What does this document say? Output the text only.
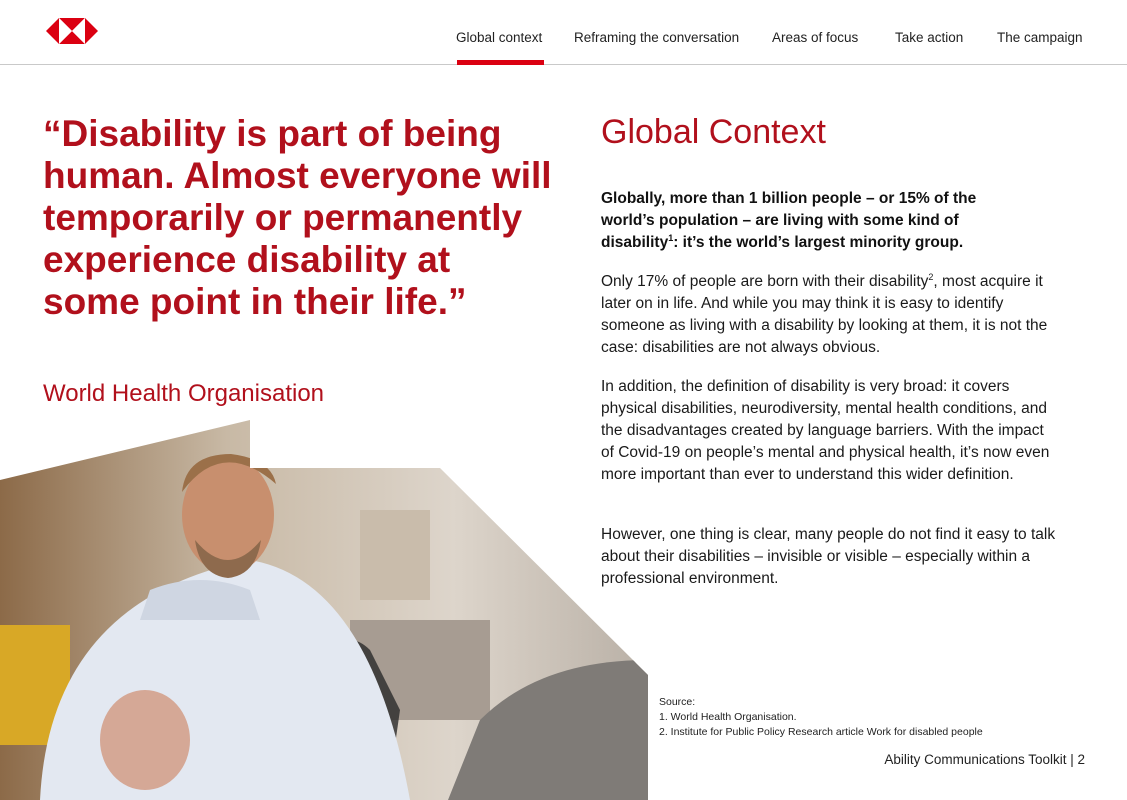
Global context Reframing the conversation Areas of focus	Take action The campaign

“Disability is part of being human. Almost everyone will temporarily or permanently experience disability at some point in their life.”

World Health Organisation
Global Context

Globally, more than 1 billion people – or 15% of the world’s population – are living with some kind of disability$^1$: it’s the world’s largest minority group.

Only 17% of people are born with their disability$^2$, most acquire it later on in life. And while you may think it is easy to identify someone as living with a disability by looking at them, it is not the case: disabilities are not always obvious.

In addition, the definition of disability is very broad: it covers physical disabilities, neurodiversity, mental health conditions, and the disadvantages created by language barriers. With the impact of Covid-19 on people’s mental and physical health, it’s now even more important than ever to understand this wider definition.

However, one thing is clear, many people do not find it easy to talk about their disabilities – invisible or visible – especially within a professional environment.

Source:
1. World Health Organisation.
2. Institute for Public Policy Research article Work for disabled people
Ability Communications Toolkit | 2
